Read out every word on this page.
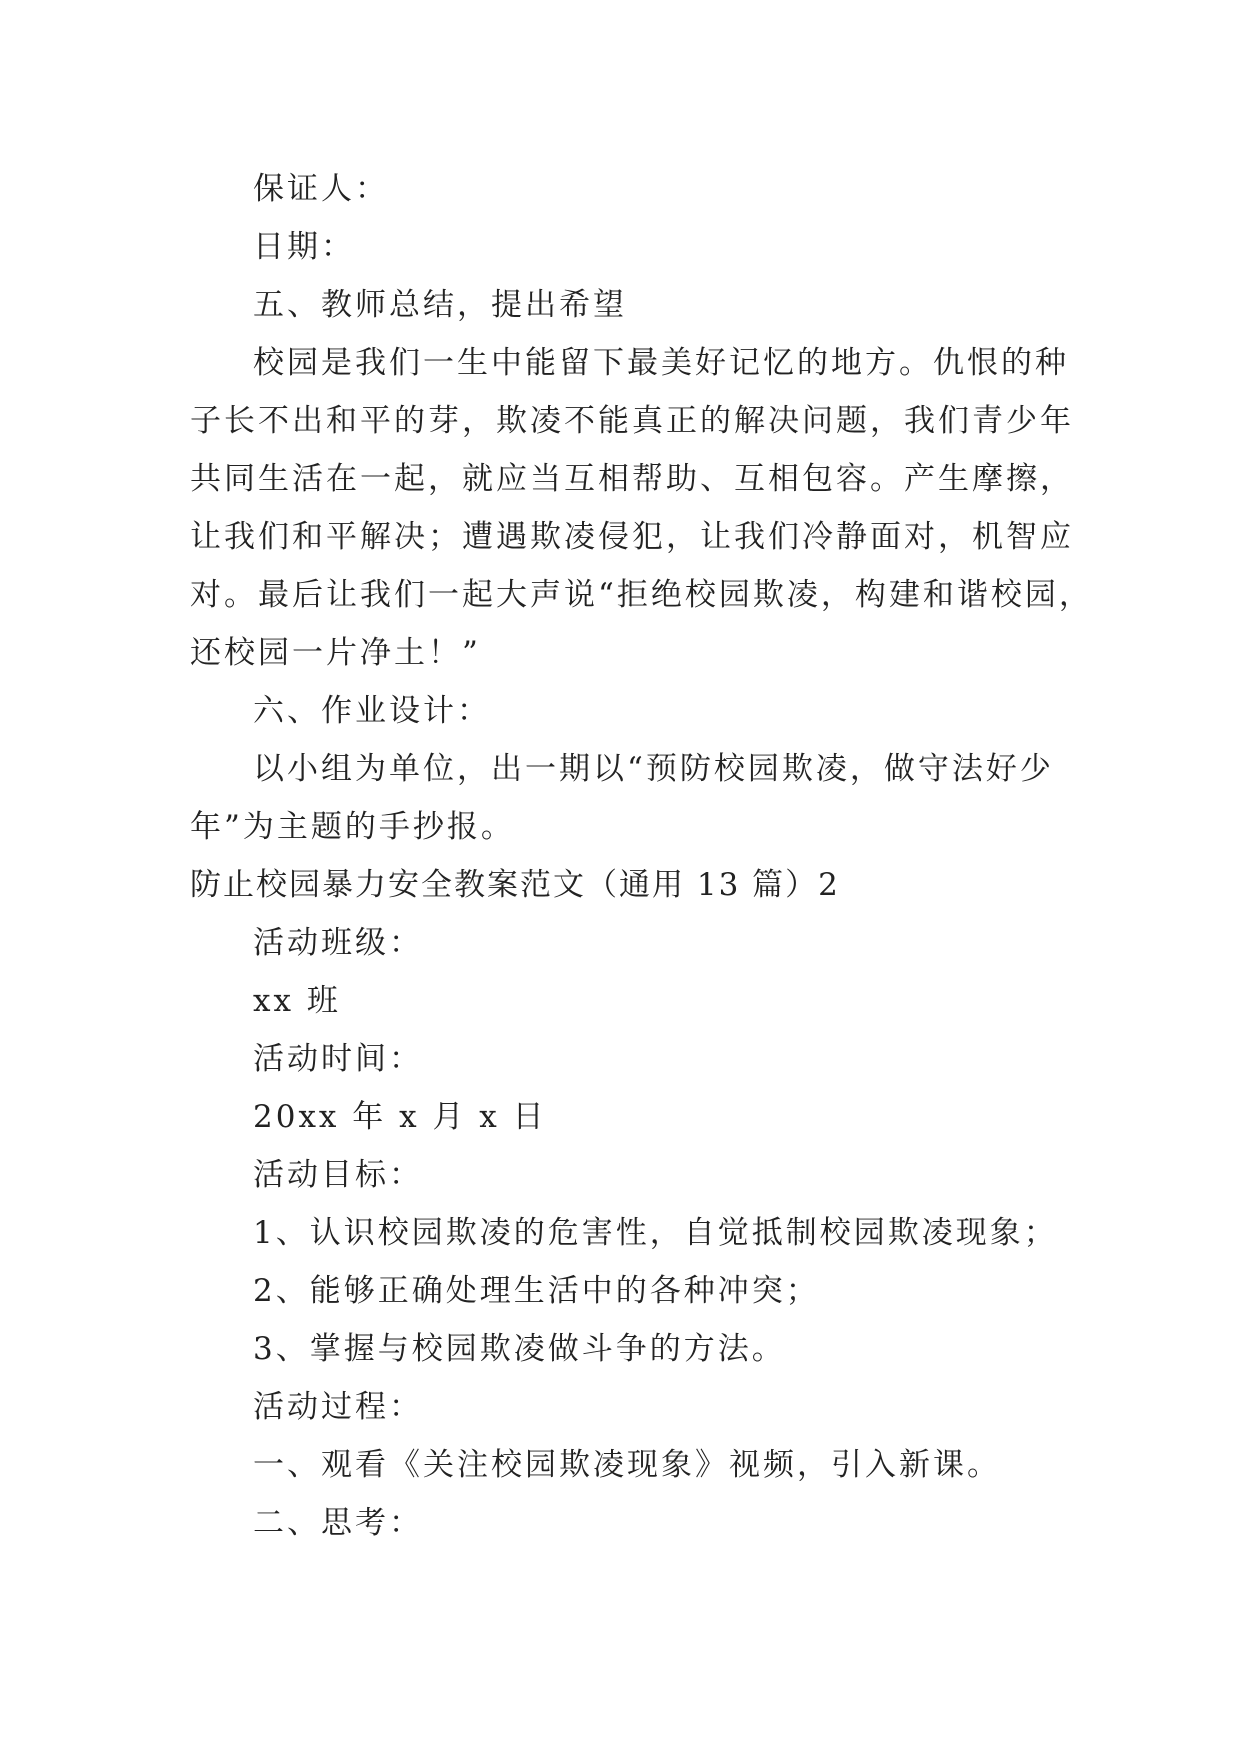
保证人：
日期：
五、教师总结，提出希望
校园是我们一生中能留下最美好记忆的地方。仇恨的种
子长不出和平的芽，欺凌不能真正的解决问题，我们青少年
共同生活在一起，就应当互相帮助、互相包容。产生摩擦，
让我们和平解决；遭遇欺凌侵犯，让我们冷静面对，机智应
对。最后让我们一起大声说“拒绝校园欺凌，构建和谐校园，
还校园一片净土！”
六、作业设计：
以小组为单位，出一期以“预防校园欺凌，做守法好少
年”为主题的手抄报。
防止校园暴力安全教案范文（通用 13 篇）2
活动班级：
xx 班
活动时间：
20xx 年 x 月 x 日
活动目标：
1、认识校园欺凌的危害性，自觉抵制校园欺凌现象；
2、能够正确处理生活中的各种冲突；
3、掌握与校园欺凌做斗争的方法。
活动过程：
一、观看《关注校园欺凌现象》视频，引入新课。
二、思考：
